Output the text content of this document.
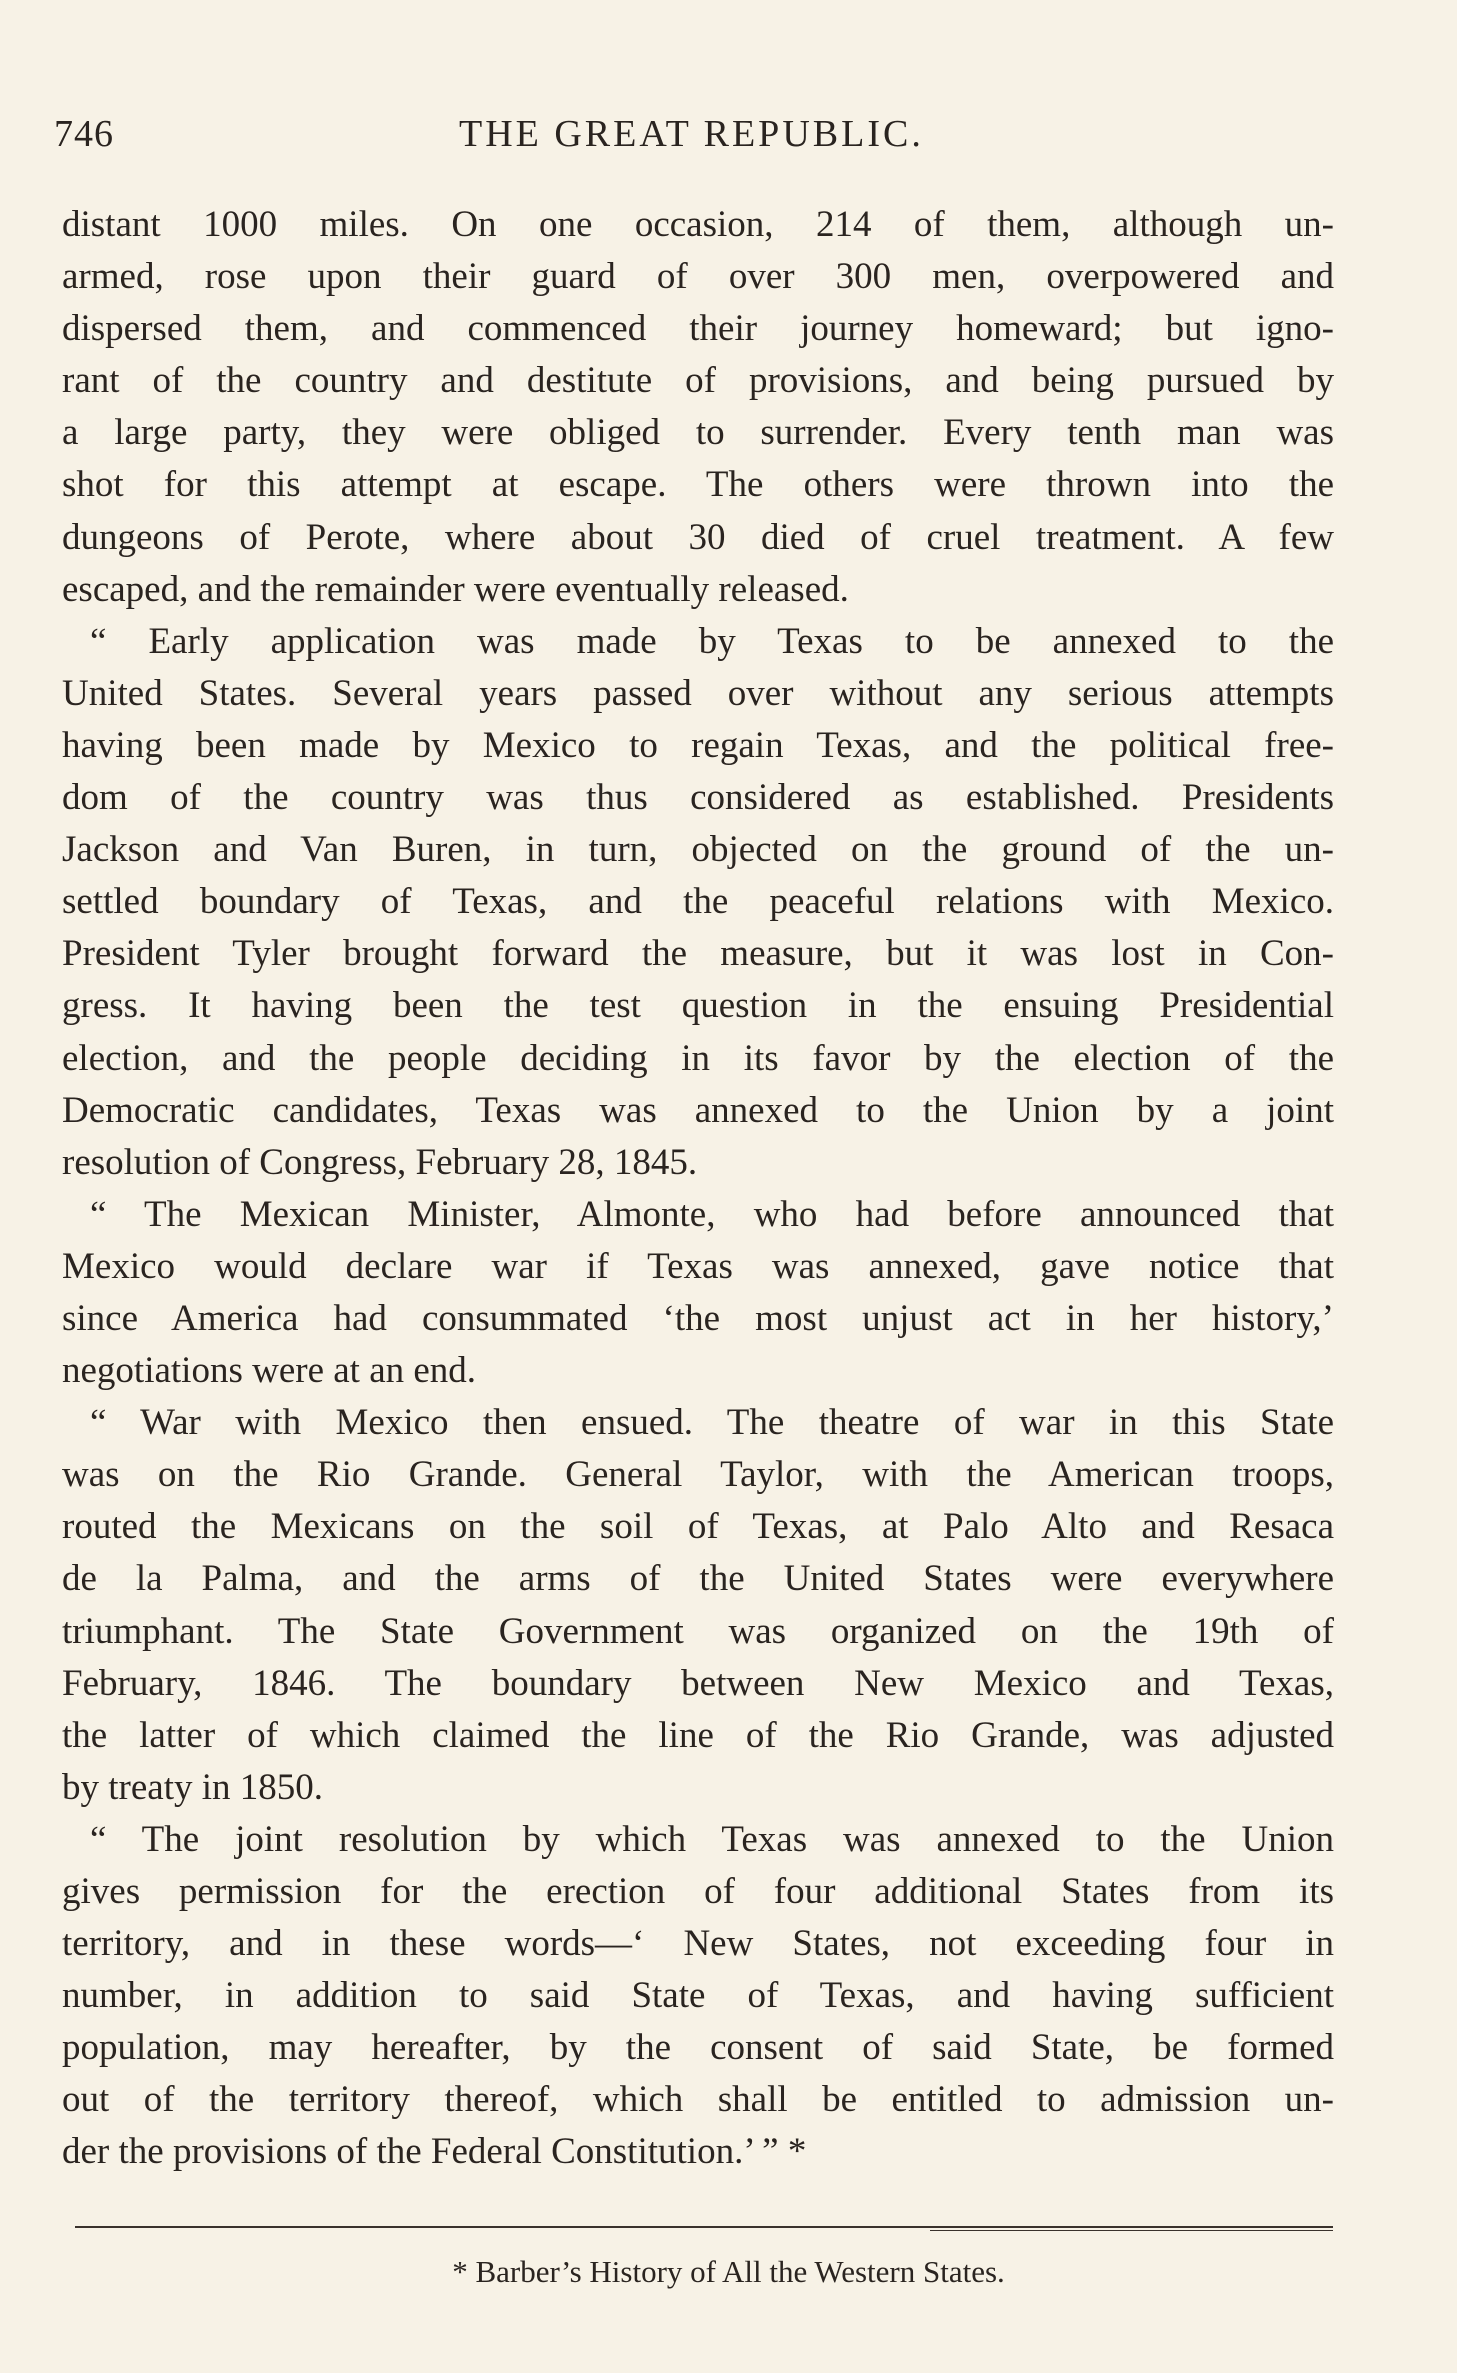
746	THE GREAT REPUBLIC.
distant 1000 miles. On one occasion, 214 of them, although un-
armed, rose upon their guard of over 300 men, overpowered and
dispersed them, and commenced their journey homeward; but igno-
rant of the country and destitute of provisions, and being pursued by
a large party, they were obliged to surrender. Every tenth man was
shot for this attempt at escape. The others were thrown into the
dungeons of Perote, where about 30 died of cruel treatment. A few
escaped, and the remainder were eventually released.
“ Early application was made by Texas to be annexed to the
United States. Several years passed over without any serious attempts
having been made by Mexico to regain Texas, and the political free-
dom of the country was thus considered as established. Presidents
Jackson and Van Buren, in turn, objected on the ground of the un-
settled boundary of Texas, and the peaceful relations with Mexico.
President Tyler brought forward the measure, but it was lost in Con-
gress. It having been the test question in the ensuing Presidential
election, and the people deciding in its favor by the election of the
Democratic candidates, Texas was annexed to the Union by a joint
resolution of Congress, February 28, 1845.
“ The Mexican Minister, Almonte, who had before announced that
Mexico would declare war if Texas was annexed, gave notice that
since America had consummated ‘the most unjust act in her history,’
negotiations were at an end.
“ War with Mexico then ensued. The theatre of war in this State
was on the Rio Grande. General Taylor, with the American troops,
routed the Mexicans on the soil of Texas, at Palo Alto and Resaca
de la Palma, and the arms of the United States were everywhere
triumphant. The State Government was organized on the 19th of
February, 1846. The boundary between New Mexico and Texas,
the latter of which claimed the line of the Rio Grande, was adjusted
by treaty in 1850.
“ The joint resolution by which Texas was annexed to the Union
gives permission for the erection of four additional States from its
territory, and in these words—‘ New States, not exceeding four in
number, in addition to said State of Texas, and having sufficient
population, may hereafter, by the consent of said State, be formed
out of the territory thereof, which shall be entitled to admission un-
der the provisions of the Federal Constitution.’ ” *
* Barber’s History of All the Western States.
